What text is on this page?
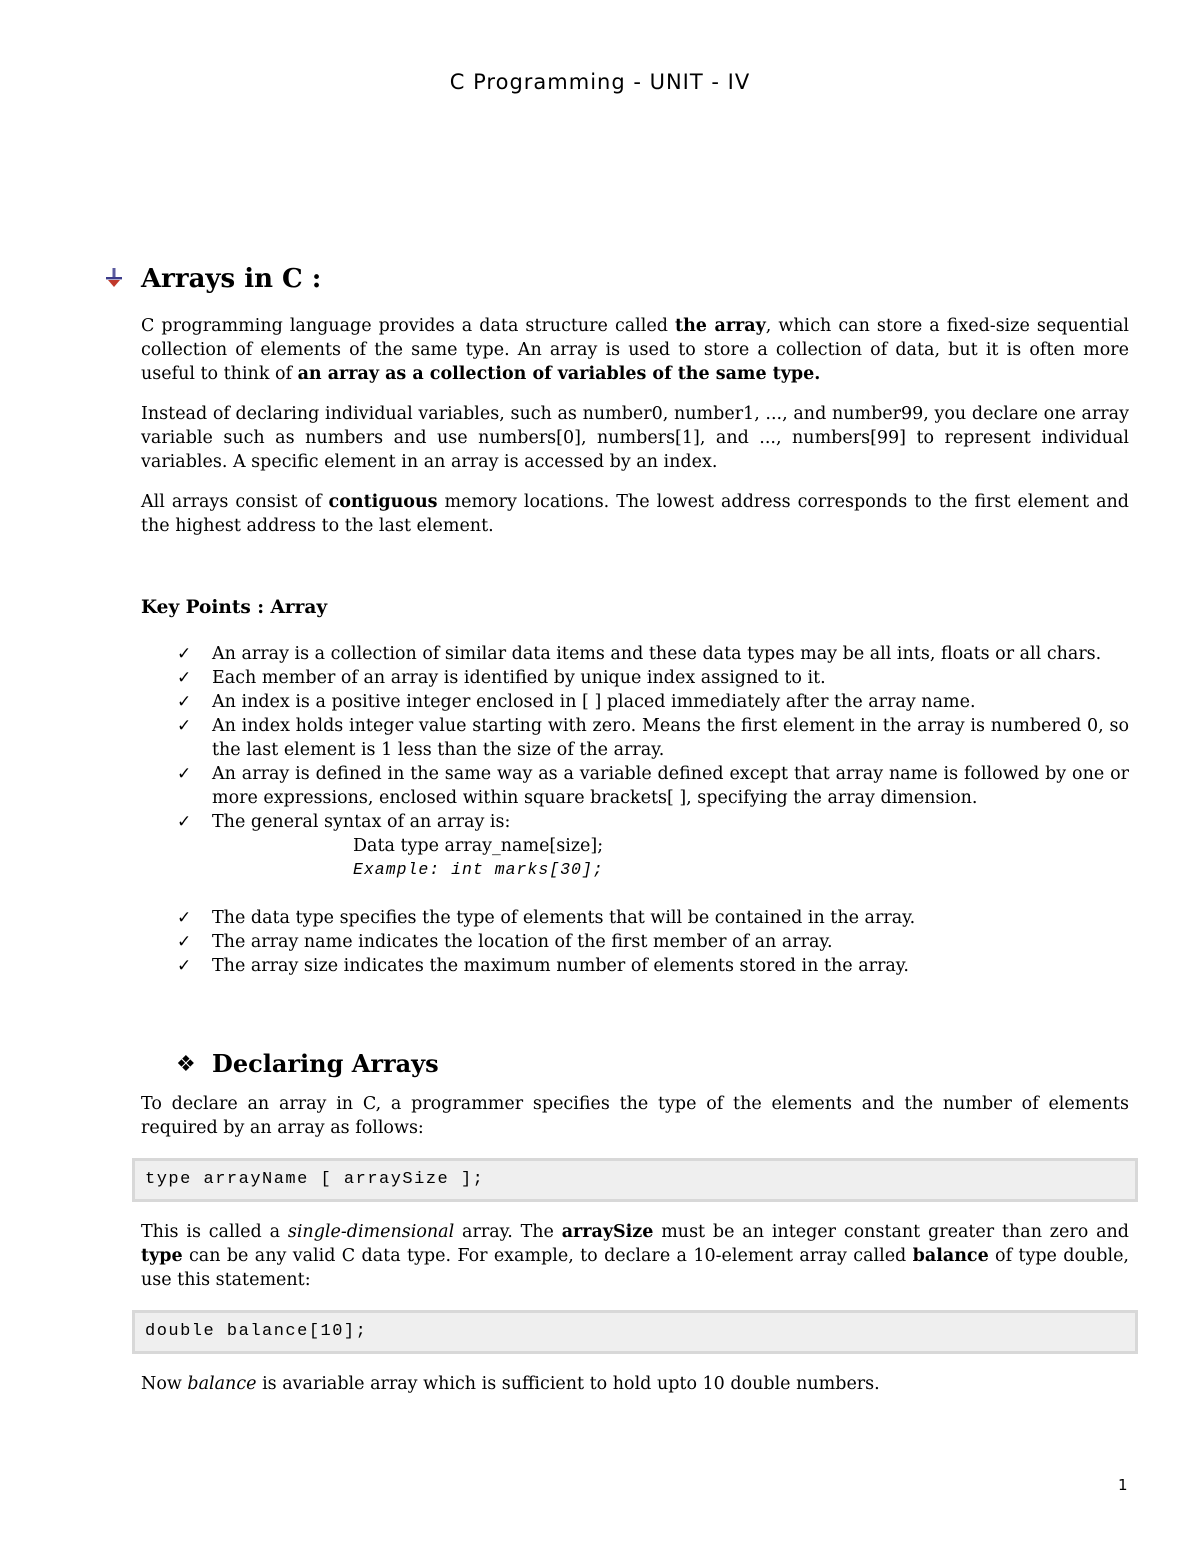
C Programming - UNIT - IV
Arrays in C :

C programming language provides a data structure called the array, which can store a fixed-size sequential collection of elements of the same type. An array is used to store a collection of data, but it is often more useful to think of an array as a collection of variables of the same type.

Instead of declaring individual variables, such as number0, number1, ..., and number99, you declare one array variable such as numbers and use numbers[0], numbers[1], and ..., numbers[99] to represent individual variables. A specific element in an array is accessed by an index.

All arrays consist of contiguous memory locations. The lowest address corresponds to the first element and the highest address to the last element.

Key Points : Array
✓ An array is a collection of similar data items and these data types may be all ints, floats or all chars.
✓ Each member of an array is identified by unique index assigned to it.
✓ An index is a positive integer enclosed in [ ] placed immediately after the array name.
✓ An index holds integer value starting with zero. Means the first element in the array is numbered 0, so the last element is 1 less than the size of the array.
✓ An array is defined in the same way as a variable defined except that array name is followed by one or more expressions, enclosed within square brackets[ ], specifying the array dimension.
✓ The general syntax of an array is:
Data type array_name[size];
Example: int marks[30];
✓ The data type specifies the type of elements that will be contained in the array.
✓ The array name indicates the location of the first member of an array.
✓ The array size indicates the maximum number of elements stored in the array.
❖ Declaring Arrays

To declare an array in C, a programmer specifies the type of the elements and the number of elements required by an array as follows:

type arrayName [ arraySize ];

This is called a single-dimensional array. The arraySize must be an integer constant greater than zero and type can be any valid C data type. For example, to declare a 10-element array called balance of type double, use this statement:

double balance[10];

Now balance is avariable array which is sufficient to hold upto 10 double numbers.

1
